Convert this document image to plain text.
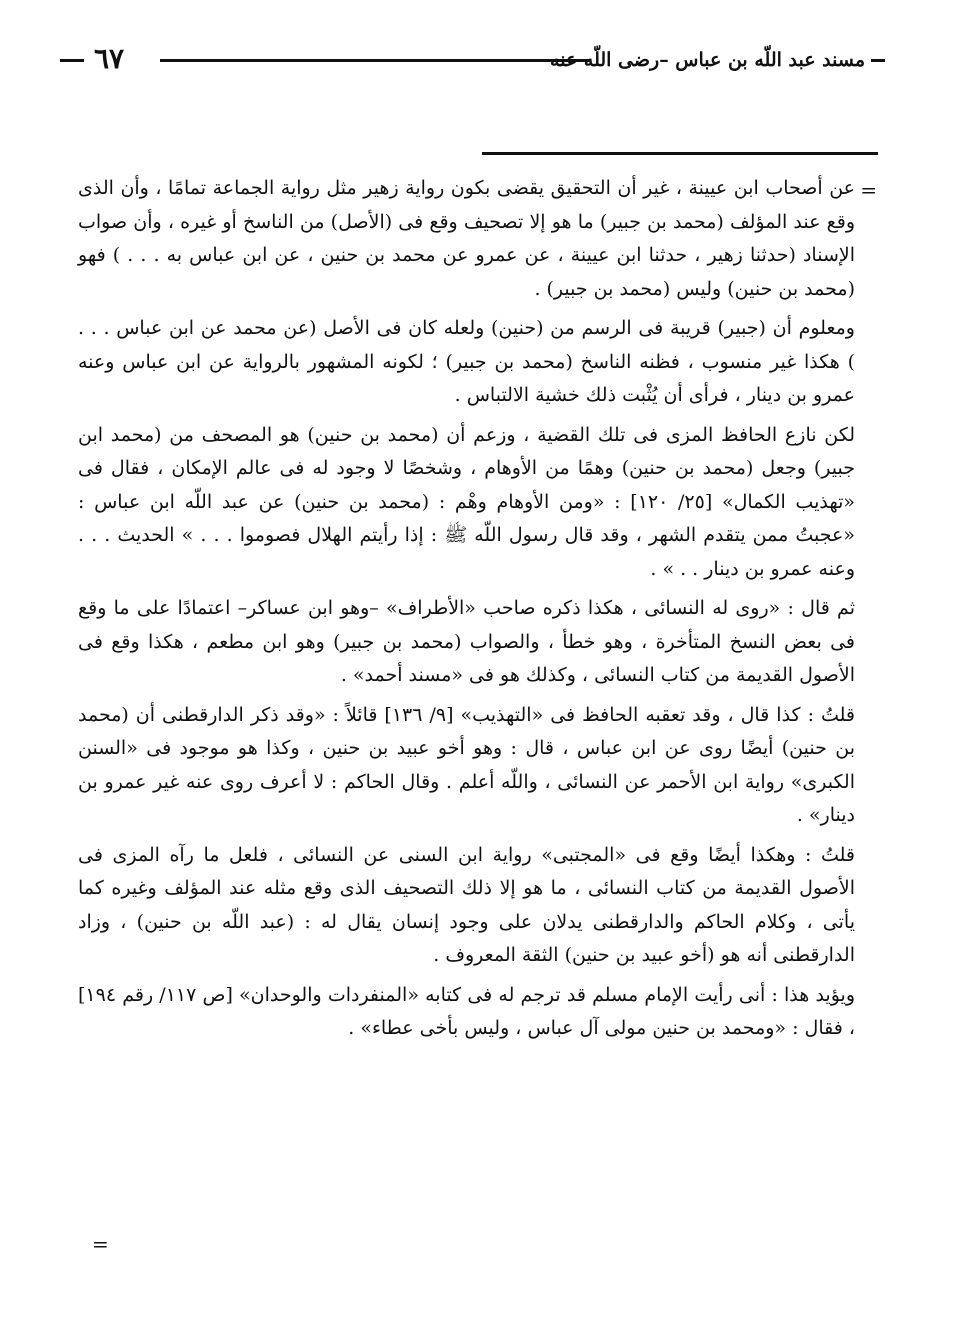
٦٧	مسند عبد اللّه بن عباس –رضى اللّه عنه–
=

عن أصحاب ابن عيينة ، غير أن التحقيق يقضى بكون رواية زهير مثل رواية الجماعة تمامًا ، وأن الذى وقع عند المؤلف (محمد بن جبير) ما هو إلا تصحيف وقع فى (الأصل) من الناسخ أو غيره ، وأن صواب الإسناد (حدثنا زهير ، حدثنا ابن عيينة ، عن عمرو عن محمد بن حنين ، عن ابن عباس به . . . ) فهو (محمد بن حنين) وليس (محمد بن جبير) .

ومعلوم أن (جبير) قريبة فى الرسم من (حنين) ولعله كان فى الأصل (عن محمد عن ابن عباس . . . ) هكذا غير منسوب ، فظنه الناسخ (محمد بن جبير) ؛ لكونه المشهور بالرواية عن ابن عباس وعنه عمرو بن دينار ، فرأى أن يُثْبت ذلك خشية الالتباس .

لكن نازع الحافظ المزى فى تلك القضية ، وزعم أن (محمد بن حنين) هو المصحف من (محمد ابن جبير) وجعل (محمد بن حنين) وهمًا من الأوهام ، وشخصًا لا وجود له فى عالم الإمكان ، فقال فى «تهذيب الكمال» [٢٥/ ١٢٠] : «ومن الأوهام وهْم : (محمد بن حنين) عن عبد اللّه ابن عباس : «عجبتُ ممن يتقدم الشهر ، وقد قال رسول اللّه ﷺ : إذا رأيتم الهلال فصوموا . . . » الحديث . . . وعنه عمرو بن دينار . . » .

ثم قال : «روى له النسائى ، هكذا ذكره صاحب «الأطراف» –وهو ابن عساكر– اعتمادًا على ما وقع فى بعض النسخ المتأخرة ، وهو خطأ ، والصواب (محمد بن جبير) وهو ابن مطعم ، هكذا وقع فى الأصول القديمة من كتاب النسائى ، وكذلك هو فى «مسند أحمد» .

قلتُ : كذا قال ، وقد تعقبه الحافظ فى «التهذيب» [٩/ ١٣٦] قائلاً : «وقد ذكر الدارقطنى أن (محمد بن حنين) أيضًا روى عن ابن عباس ، قال : وهو أخو عبيد بن حنين ، وكذا هو موجود فى «السنن الكبرى» رواية ابن الأحمر عن النسائى ، واللّه أعلم . وقال الحاكم : لا أعرف روى عنه غير عمرو بن دينار» .

قلتُ : وهكذا أيضًا وقع فى «المجتبى» رواية ابن السنى عن النسائى ، فلعل ما رآه المزى فى الأصول القديمة من كتاب النسائى ، ما هو إلا ذلك التصحيف الذى وقع مثله عند المؤلف وغيره كما يأتى ، وكلام الحاكم والدارقطنى يدلان على وجود إنسان يقال له : (عبد اللّه بن حنين) ، وزاد الدارقطنى أنه هو (أخو عبيد بن حنين) الثقة المعروف .

ويؤيد هذا : أنى رأيت الإمام مسلم قد ترجم له فى كتابه «المنفردات والوحدان» [ص ١١٧/ رقم ١٩٤] ، فقال : «ومحمد بن حنين مولى آل عباس ، وليس بأخى عطاء» .

=
